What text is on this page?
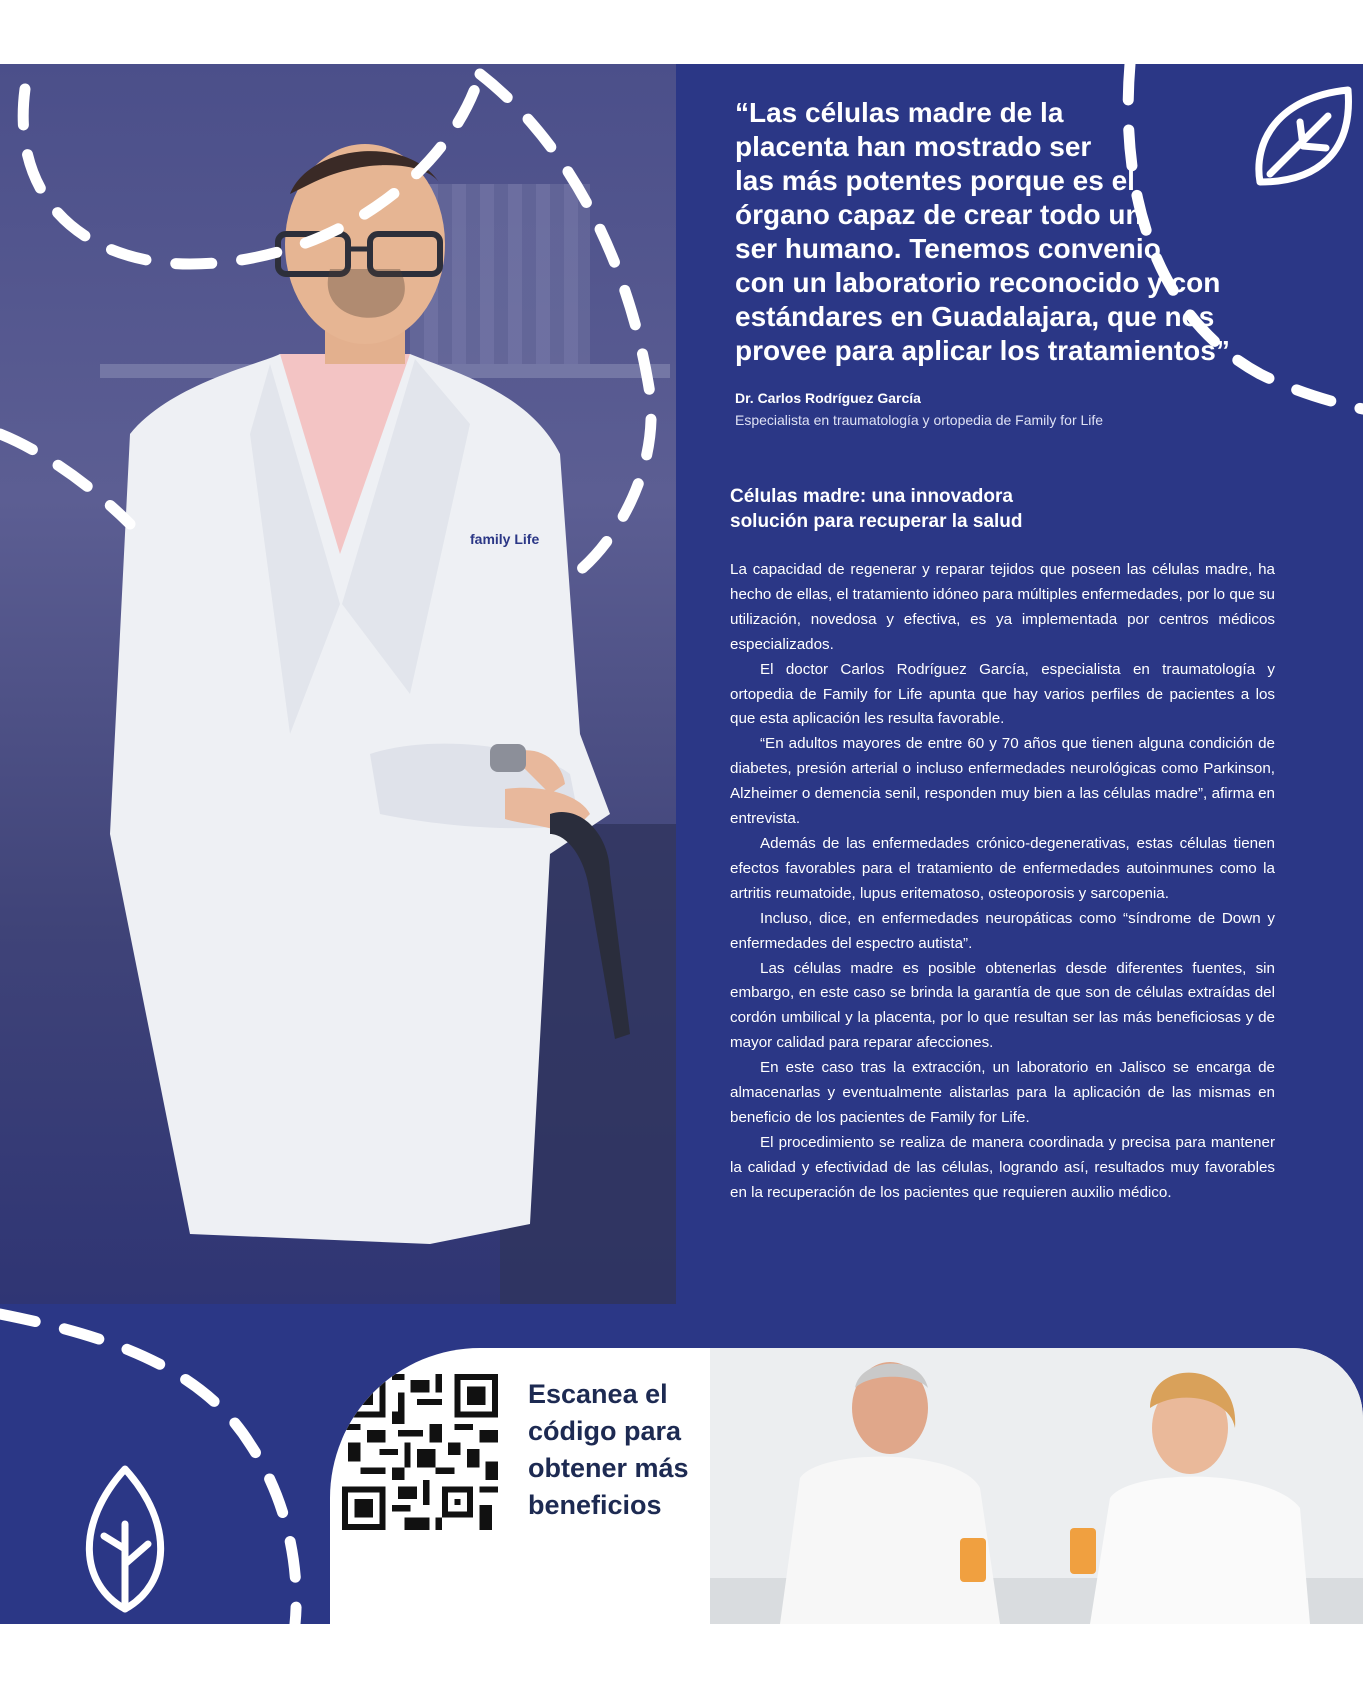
family Life

“Las células madre de la
placenta han mostrado ser
las más potentes porque es el
órgano capaz de crear todo un
ser humano. Tenemos convenio
con un laboratorio reconocido y con
estándares en Guadalajara, que nos
provee para aplicar los tratamientos”

Dr. Carlos Rodríguez García

Especialista en traumatología y ortopedia de Family for Life

Células madre: una innovadora
solución para recuperar la salud

La capacidad de regenerar y reparar tejidos que poseen las células madre, ha hecho de ellas, el tratamiento idóneo para múltiples enfermedades, por lo que su utilización, novedosa y efectiva, es ya implementada por centros médicos especializados.

El doctor Carlos Rodríguez García, especialista en traumatología y ortopedia de Family for Life apunta que hay varios perfiles de pacientes a los que esta aplicación les resulta favorable.

“En adultos mayores de entre 60 y 70 años que tienen alguna condición de diabetes, presión arterial o incluso enfermedades neurológicas como Parkinson, Alzheimer o demencia senil, responden muy bien a las células madre”, afirma en entrevista.

Además de las enfermedades crónico-degenerativas, estas células tienen efectos favorables para el tratamiento de enfermedades autoinmunes como la artritis reumatoide, lupus eritematoso, osteoporosis y sarcopenia.

Incluso, dice, en enfermedades neuropáticas como “síndrome de Down y enfermedades del espectro autista”.

Las células madre es posible obtenerlas desde diferentes fuentes, sin embargo, en este caso se brinda la garantía de que son de células extraídas del cordón umbilical y la placenta, por lo que resultan ser las más beneficiosas y de mayor calidad para reparar afecciones.

En este caso tras la extracción, un laboratorio en Jalisco se encarga de almacenarlas y eventualmente alistarlas para la aplicación de las mismas en beneficio de los pacientes de Family for Life.

El procedimiento se realiza de manera coordinada y precisa para mantener la calidad y efectividad de las células, logrando así, resultados muy favorables en la recuperación de los pacientes que requieren auxilio médico.

Escanea el
código para
obtener más
beneficios
